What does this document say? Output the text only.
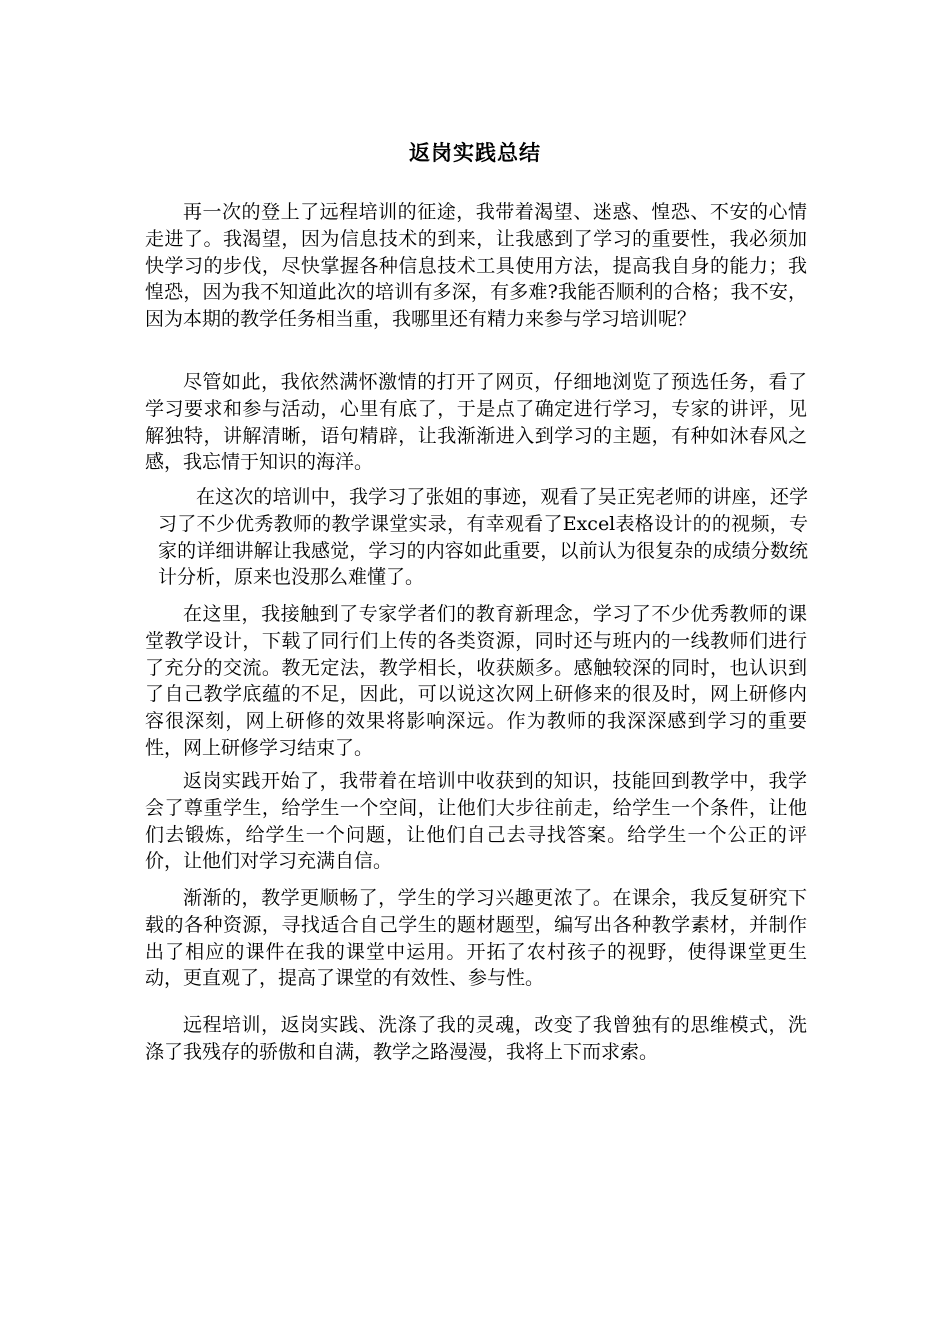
返岗实践总结

再一次的登上了远程培训的征途，我带着渴望、迷惑、惶恐、不安的心情走进了。我渴望，因为信息技术的到来，让我感到了学习的重要性，我必须加快学习的步伐，尽快掌握各种信息技术工具使用方法，提高我自身的能力；我惶恐，因为我不知道此次的培训有多深，有多难?我能否顺利的合格；我不安，因为本期的教学任务相当重，我哪里还有精力来参与学习培训呢？

尽管如此，我依然满怀激情的打开了网页，仔细地浏览了预选任务，看了学习要求和参与活动，心里有底了，于是点了确定进行学习，专家的讲评，见解独特，讲解清晰，语句精辟，让我渐渐进入到学习的主题，有种如沐春风之感，我忘情于知识的海洋。

在这次的培训中，我学习了张姐的事迹，观看了吴正宪老师的讲座，还学习了不少优秀教师的教学课堂实录，有幸观看了Excel表格设计的的视频，专家的详细讲解让我感觉，学习的内容如此重要，以前认为很复杂的成绩分数统计分析，原来也没那么难懂了。

在这里，我接触到了专家学者们的教育新理念，学习了不少优秀教师的课堂教学设计，下载了同行们上传的各类资源，同时还与班内的一线教师们进行了充分的交流。教无定法，教学相长，收获颇多。感触较深的同时，也认识到了自己教学底蕴的不足，因此，可以说这次网上研修来的很及时，网上研修内容很深刻，网上研修的效果将影响深远。作为教师的我深深感到学习的重要性，网上研修学习结束了。

返岗实践开始了，我带着在培训中收获到的知识，技能回到教学中，我学会了尊重学生，给学生一个空间，让他们大步往前走，给学生一个条件，让他们去锻炼，给学生一个问题，让他们自己去寻找答案。给学生一个公正的评价，让他们对学习充满自信。

渐渐的，教学更顺畅了，学生的学习兴趣更浓了。在课余，我反复研究下载的各种资源，寻找适合自己学生的题材题型，编写出各种教学素材，并制作出了相应的课件在我的课堂中运用。开拓了农村孩子的视野，使得课堂更生动，更直观了，提高了课堂的有效性、参与性。

远程培训，返岗实践、洗涤了我的灵魂，改变了我曾独有的思维模式，洗涤了我残存的骄傲和自满，教学之路漫漫，我将上下而求索。
